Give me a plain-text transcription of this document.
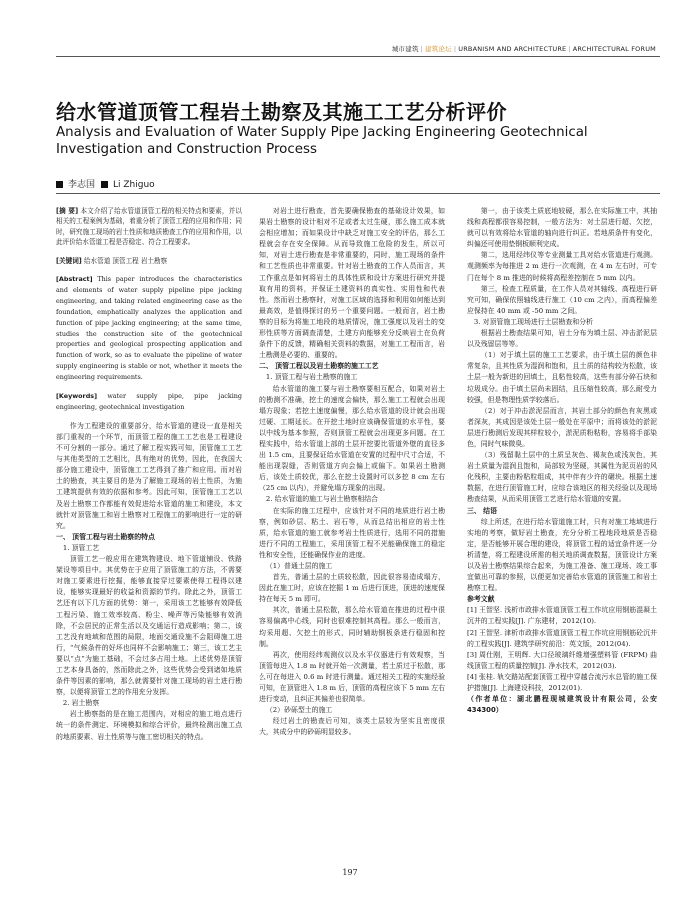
城市建筑 | 建筑论坛 | URBANISM AND ARCHITECTURE | ARCHITECTURAL FORUM
给水管道顶管工程岩土勘察及其施工工艺分析评价
Analysis and Evaluation of Water Supply Pipe Jacking Engineering Geotechnical Investigation and Construction Process
李志国 Li Zhiguo

[摘 要] 本文介绍了给水管道顶管工程的相关特点和要素，并以相关的工程案例为基础，着重分析了顶管工程的应用和作用；同时，研究施工现场的岩土性质和地质勘查工作的应用和作用，以此评价给水管道工程是否稳定、符合工程要求。

[关键词] 给水管道 顶管工程 岩土勘察

[Abstract] This paper introduces the characteristics and elements of water supply pipeline pipe jacking engineering, and taking related engineering case as the foundation, emphatically analyzes the application and function of pipe jacking engineering; at the same time, studies the construction site of the geotechnical properties and geological prospecting application and function of work, so as to evaluate the pipeline of water supply engineering is stable or not, whether it meets the engineering requirements.

[Keywords] water supply pipe, pipe jacking engineering, geotechnical investigation

作为工程建设的重要部分，给水管道的建设一直是相关部门重视的一个环节，而顶管工程的施工工艺也是工程建设不可分割的一部分。通过了解工程实践可知，顶管施工工艺与其他类型的工艺相比，具有绝对的优势，因此，在我国大部分施工建设中，顶管施工工艺得到了推广和应用。而对岩土的勘查，其主要目的是为了解施工现场的岩土性质，为施工建筑提供有效的依据和参考。因此可知，顶管施工工艺以及岩土勘察工作都能有效促进给水管道的施工和建设，本文就针对顶管施工和岩土勘察对工程施工的影响进行一定的研究。

一、 顶管工程与岩土勘察的特点

1. 顶管工艺

顶管工艺一般应用在建筑物建设、地下管道铺设、铁路架设等项目中。其优势在于应用了顶管施工的方法，不需要对施工要素进行挖掘，能够直接穿过要素使得工程得以建设，能够实现最好的收益和资源的节约。除此之外，顶管工艺还有以下几方面的优势：第一，采用该工艺能够有效降低工程污染、施工效率较高、粉尘、噪声等污染能够有效消除，不会居民的正常生活以及交通运行造成影响；第二，该工艺没有地域和范围的局限，地面交通设施不会阻碍施工进行，“气候条件的好坏也同样不会影响施工；第三，该工艺主要以“点”为施工基础，不会过多占用土地。上述优势是顶管工艺本身具备的，然而除此之外，这些优势会受到诸如地质条件等因素的影响，那么就需要针对施工现场的岩土进行勘察，以便将顶管工艺的作用充分发挥。

2. 岩土勘察

岩土勘察指的是在施工范围内，对相应的施工地点进行统一的条件测定、环境模拟和综合评价，最终检测出施工点的地质要素、岩土性质等与施工密切相关的特点。

对岩土进行勘查，首先要确保勘查的基础设计效果，如果岩土勘察的设计相对不足或者太过生硬，那么施工成本就会相应增加；而如果设计中缺乏对施工安全的评估，那么工程就会存在安全保障。从而导致施工危险的发生，所以可知，对岩土进行勘查是非常重要的，同时，施工现场的条件和工艺性质也非常重要。针对岩土勘查的工作人员而言，其工作重点是如何将岩土的具体性质和设计方案进行研究并提取有用的资料，并保证土建资料的真实性、实用性和代表性。然而岩土勘察时，对施工区域的选择和利用如何能达到最高效，是值得探讨的另一个重要问题。一般而言，岩土勘察的目标为将施工地段的地质情况，施工强度以及岩土的变形性质等方面调查清楚，土建方向能够充分反映岩土在负荷条件下的反馈，精确相关资料的数据，对施工工程而言，岩土勘测是必要的、重要的。

二、 顶管工程以及岩土勘察的施工工艺

1. 顶管工程与岩土勘察的施工

给水管道的施工要与岩土勘察要相互配合，如果对岩土的勘测不准确，挖土的速度会偏快，那么施工工程就会出现塌方现象；若挖土速度偏慢，那么给水管道的设计就会出现过硬、工期延长。在开挖土地时应该确保管道的水平性，要以中线为基本参照，否则顶管工程就会出现更多问题。在工程实践中，给水管道上部的土层开挖要比管道外壁的直径多出 1.5 cm，且要保证给水管道在安置的过程中尺寸合适，不能出现裂缝，否则管道方向会偏上或偏下。如果岩土勘测后，该处土质较优，那么在挖土设置时可以多挖 8 cm 左右（25 cm 以内），并避免塌方现象的出现。

2. 给水管道的施工与岩土勘察相结合

在实际的施工过程中，应该针对不同的地质进行岩土勘察，例如砂层、粘土、岩石等，从而总结出相应的岩土性质，给水管道的施工就参考岩土性质进行，选用不同的措施进行不同的工程施工，采用顶管工程不光能确保施工的稳定性和安全性，还能确保作业的进度。

（1）普通土层的施工

首先，普通土层的土质较松散，因此很容易造成塌方，因此在施工时，应该在挖掘 1 m 后进行顶进，顶进的速度保持在每天 5 m 即可。

其次，普通土层松散，那么给水管道在推进的过程中很容易偏离中心线，同时也很难控制其高程。那么一般而言，均采用超、欠挖土的形式，同时辅助钢板条进行稳固和控制。

再次，使用经纬观测仪以及水平仪器进行有效观察，当顶管每进入 1.8 m 时就开始一次测量，若土质过于松散，那么可在每进入 0.6 m 时进行测量。通过相关工程的实施经验可知，在顶管进入 1.8 m 后，顶管的高程应该下 5 mm 左右进行变动，且纠正其偏差也很简单。

（2）砂砾型土的施工

经过岩土的勘查后可知，该类土层较为坚实且密度很大，其成分中的砂砾明显较多。

第一，由于该类土质底地较硬，那么在实际施工中，其抽线和高程都很容易控制，一般方法为：对土层进行超、欠挖，就可以有效将给水管道的轴向进行纠正。若地质条件有变化，纠偏还可使用垫钢板顺利完成。

第二，选用经纬仪等专业测量工具对给水管道进行观测。观测频率为每推进 2 m 进行一次观测，在 4 m 左右时，可专门在每个 8 m 推进的时候将高程差控制在 5 mm 以内。

第三，检查工程质量，在工作人员对其轴线、高程进行研究可知，确保依照轴线进行施工（10 cm 之内），而高程偏差应保持在 40 mm 或 -50 mm 之间。

3. 对顶管施工现场进行土层勘查和分析

根据岩土勘查结果可知，岩土分布为填土层、冲击淤泥层以及残留层等等。

（1）对于填土层的施工工艺要求，由于填土层的颜色非常复杂，且其性质为湿润和饱和，且土质的结构较为松散，该土层一般为新进的回填土，且粘性较高，这些有部分碎石块和垃圾成分。由于填土层尚未固结，且压缩性较高，那么耐受力较强，但是物理性质学较落后。

（2）对于冲击淤泥层而言，其岩土部分的颜色有灰黑或者深灰，其成因是该处土层一般处在平原中；而将该处的淤泥层进行勘测后发现其样粒较小，淤泥质粉粘粉，容易将手部染色，同时气味微臭。

（3）残留黏土层中的土质呈灰色、褐灰色或浅灰色，其岩土质量为湿润且饱和，局部较为坚硬，其属性为泥页岩的风化残积，主要由粉粘粒组成，其中伴有少许的碾块。根据土速数据，在进行顶管施工时，应综合该地区的相关经验以及现场勘查结果，从而采用顶管工艺进行给水管道的安置。

三、 结语

综上所述，在进行给水管道施工时，只有对施工地域进行实地的考察，做好岩土勘查，充分分析工程地段地质是否稳定，是否能够开展合理的建设，将顶管工程的适宜条件逐一分析清楚，将工程建设所需的相关地质调查数据，顶管设计方案以及岩土勘察结果综合起来，为施工准备、施工现场、竣工事宜做出可靠的参照，以便更加完善给水管道的顶管施工和岩土勘察工程。

参考文献

[1] 王智坚. 浅析市政排水管道顶管工程工作坑应用钢筋混凝土沉井的工程实践[J]. 广东建材，2012(10).

[2] 王智坚. 津析市政排水管道顶管工程工作坑应用钢筋砼沉井的工程实践[J]. 建筑学研究前沿：英文版，2012(04).

[3] 周仕刚，王明辉. 大口径玻璃纤维增强塑料管 (FRPM) 曲线顶管工程的质量控制[J]. 净水技术，2012(03).

[4] 张桂. 轨交路站配套顶管工程中穿越合流污水总管的施工保护措施[J]. 上海建设科技，2012(01).

（作者单位：湖北鹏程现城建筑设计有限公司，公安 434300）

197
